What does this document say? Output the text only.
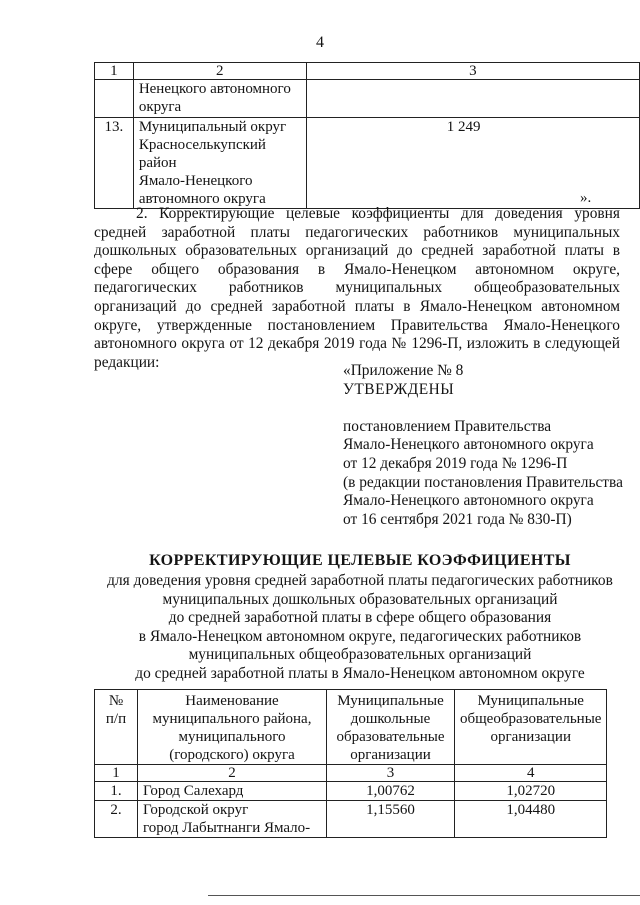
4
1	2	3

	Ненецкого автономного
округа	

13.	Муниципальный округ
Красноселькупский район
Ямало-Ненецкого
автономного округа	1 249
».
2. Корректирующие целевые коэффициенты для доведения уровня
средней заработной платы педагогических работников муниципальных
дошкольных образовательных организаций до средней заработной платы в
сфере общего образования в Ямало-Ненецком автономном округе,
педагогических работников муниципальных общеобразовательных
организаций до средней заработной платы в Ямало-Ненецком автономном
округе, утвержденные постановлением Правительства Ямало-Ненецкого
автономного округа от 12 декабря 2019 года № 1296-П, изложить в следующей
редакции:	«Приложение № 8
УТВЕРЖДЕНЫ
постановлением Правительства
Ямало-Ненецкого автономного округа
от 12 декабря 2019 года № 1296-П
(в редакции постановления Правительства
Ямало-Ненецкого автономного округа
от 16 сентября 2021 года № 830-П)
КОРРЕКТИРУЮЩИЕ ЦЕЛЕВЫЕ КОЭФФИЦИЕНТЫ
для доведения уровня средней заработной платы педагогических работников
муниципальных дошкольных образовательных организаций
до средней заработной платы в сфере общего образования
в Ямало-Ненецком автономном округе, педагогических работников
муниципальных общеобразовательных организаций
до средней заработной платы в Ямало-Ненецком автономном округе
№
п/п	Наименование
муниципального района,
муниципального
(городского) округа	Муниципальные
дошкольные
образовательные
организации	Муниципальные
общеобразовательные
организации

1	2	3	4
1.	Город Салехард	1,00762	1,02720
2.	Городской округ
город Лабытнанги Ямало-	1,15560	1,04480
